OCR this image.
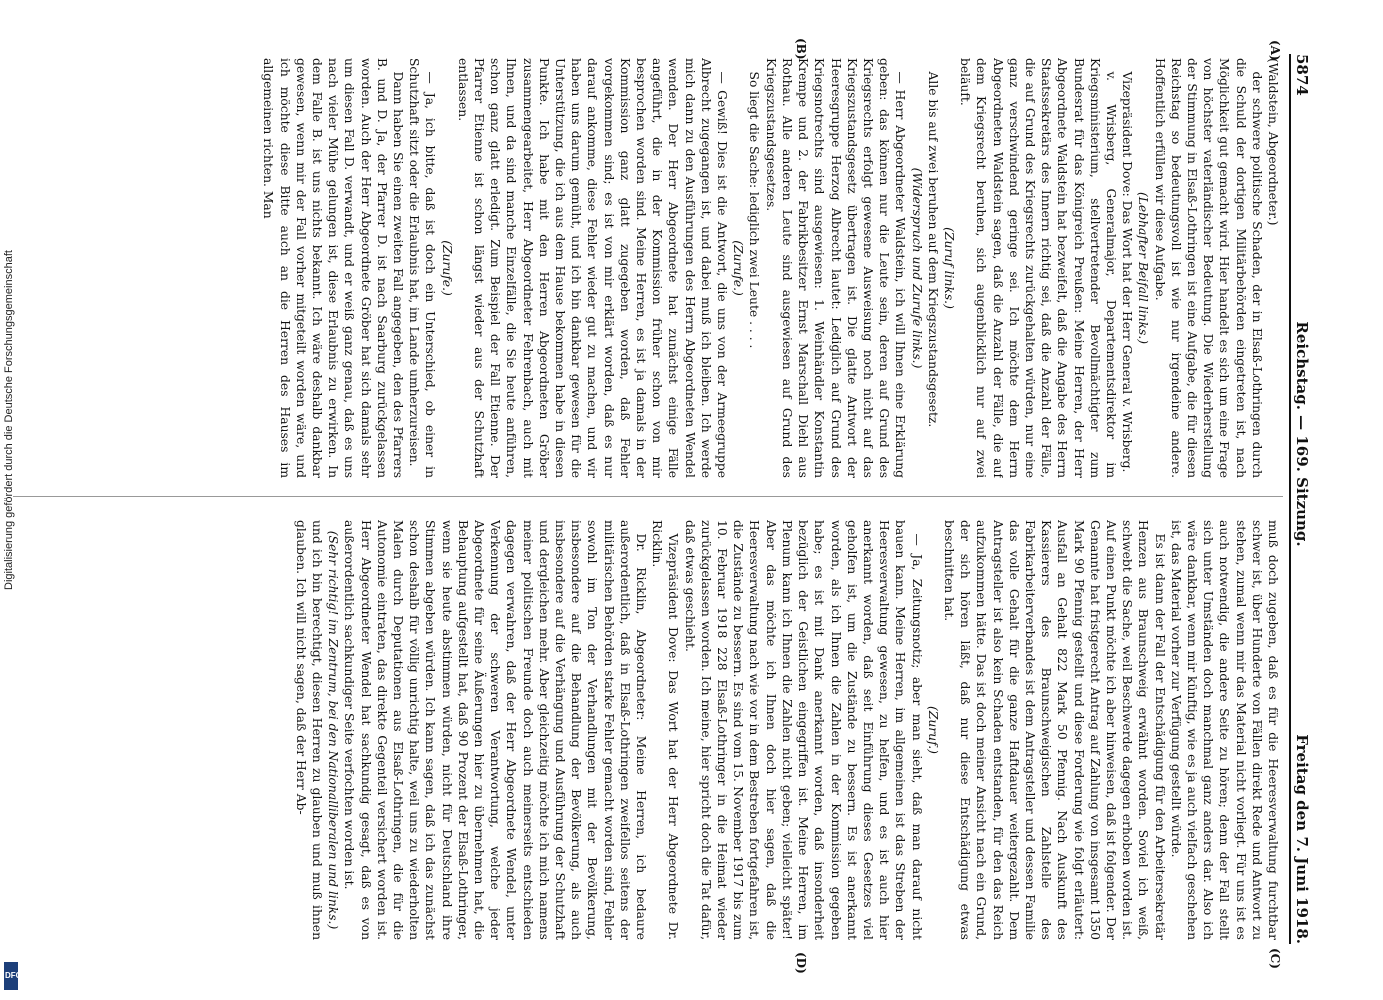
5874
Reichstag. — 169. Sitzung.
Freitag den 7. Juni 1918.
(A)
(B)
(C)
(D)

(Waldstein, Abgeordneter.)

der schwere politische Schaden, der in Elsaß-Lothringen durch die Schuld der dortigen Militärbehörden eingetreten ist, nach Möglichkeit gut gemacht wird. Hier handelt es sich um eine Frage von höchster vaterländischer Bedeutung. Die Wiederherstellung der Stimmung in Elsaß-Lothringen ist eine Aufgabe, die für diesen Reichstag so bedeutungsvoll ist wie nur irgendeine andere. Hoffentlich erfüllen wir diese Aufgabe.

(Lebhafter Beifall links.)

Vizepräsident Dove: Das Wort hat der Herr General v. Wrisberg.

v. Wrisberg, Generalmajor, Departementsdirektor im Kriegsministerium, stellvertretender Bevollmächtigter zum Bundesrat für das Königreich Preußen: Meine Herren, der Herr Abgeordnete Waldstein hat bezweifelt, daß die Angabe des Herrn Staatssekretärs des Innern richtig sei, daß die Anzahl der Fälle, die auf Grund des Kriegsrechts zurückgehalten würden, nur eine ganz verschwindend geringe sei. Ich möchte dem Herrn Abgeordneten Waldstein sagen, daß die Anzahl der Fälle, die auf dem Kriegsrecht beruhen, sich augenblicklich nur auf zwei beläuft.

(Zuruf links.)

Alle bis auf zwei beruhen auf dem Kriegszustandsgesetz.

(Widerspruch und Zurufe links.)

— Herr Abgeordneter Waldstein, ich will Ihnen eine Erklärung geben: das können nur die Leute sein, deren auf Grund des Kriegsrechts erfolgt gewesene Ausweisung noch nicht auf das Kriegszustandsgesetz übertragen ist. Die glatte Antwort der Heeresgruppe Herzog Albrecht lautet: Lediglich auf Grund des Kriegsnotrechts sind ausgewiesen: 1. Weinhändler Konstantin Krempe und 2. der Fabrikbesitzer Ernst Marschall Diehl aus Rothau. Alle anderen Leute sind ausgewiesen auf Grund des Kriegszustandsgesetzes.

So liegt die Sache: lediglich zwei Leute . . . .

(Zurufe.)

— Gewiß! Dies ist die Antwort, die uns von der Armeegruppe Albrecht zugegangen ist, und dabei muß ich bleiben. Ich werde mich dann zu den Ausführungen des Herrn Abgeordneten Wendel wenden. Der Herr Abgeordnete hat zunächst einige Fälle angeführt, die in der Kommission früher schon von mir besprochen worden sind. Meine Herren, es ist ja damals in der Kommission ganz glatt zugegeben worden, daß Fehler vorgekommen sind; es ist von mir erklärt worden, daß es nur darauf ankomme, diese Fehler wieder gut zu machen, und wir haben uns darum gemüht, und ich bin dankbar gewesen für die Unterstützung, die ich aus dem Hause bekommen habe in diesen Punkte. Ich habe mit den Herren Abgeordneten Gröber zusammengearbeitet, Herr Abgeordneter Fehrenbach, auch mit Ihnen, und da sind manche Einzelfälle, die Sie heute anführen, schon ganz glatt erledigt. Zum Beispiel der Fall Etienne. Der Pfarrer Etienne ist schon längst wieder aus der Schutzhaft entlassen.

(Zurufe.)

— Ja, ich bitte, daß ist doch ein Unterschied, ob einer in Schutzhaft sitzt oder die Erlaubnis hat, im Lande umherzureisen.

Dann haben Sie einen zweiten Fall angegeben, den des Pfarrers B. und D. Ja, der Pfarrer D. ist nach Saarburg zurückgelassen worden. Auch der Herr Abgeordnete Gröber hat sich damals sehr um diesen Fall D. verwandt, und er weiß ganz genau, daß es uns nach vieler Mühe gelungen ist, diese Erlaubnis zu erwirken. In dem Falle B. ist uns nichts bekannt. Ich wäre deshalb dankbar gewesen, wenn mir der Fall vorher mitgeteilt worden wäre, und ich möchte diese Bitte auch an die Herren des Hauses im allgemeinen richten. Man

muß doch zugeben, daß es für die Heeresverwaltung furchtbar schwer ist, über Hunderte von Fällen direkt Rede und Antwort zu stehen, zumal wenn mir das Material nicht vorliegt. Für uns ist es auch notwendig, die andere Seite zu hören; denn der Fall stellt sich unter Umständen doch manchmal ganz anders dar. Also ich wäre dankbar, wenn mir künftig, wie es ja auch vielfach geschehen ist, das Material vorher zur Verfügung gestellt würde.

Es ist dann der Fall der Entschädigung für den Arbeitersekretär Henzen aus Braunschweig erwähnt worden. Soviel ich weiß, schwebt die Sache, weil Beschwerde dagegen erhoben worden ist. Auf einen Punkt möchte ich aber hinweisen, daß ist folgender. Der Genannte hat fristgerecht Antrag auf Zahlung von insgesamt 1350 Mark 90 Pfennig gestellt und diese Forderung wie folgt erläutert: Ausfall an Gehalt 822 Mark 50 Pfennig. Nach Auskunft des Kassierers des Braunschweigischen Zahlstelle des Fabrikarbeiterverbandes ist dem Antragsteller und dessen Familie das volle Gehalt für die ganze Haftdauer weitergezahlt. Dem Antragsteller ist also kein Schaden entstanden, für den das Reich aufzukommen hätte. Das ist doch meiner Ansicht nach ein Grund, der sich hören läßt, daß nur diese Entschädigung etwas beschnitten hat.

(Zuruf.)

— Ja, Zeitungsnotiz; aber man sieht, daß man darauf nicht bauen kann. Meine Herren, im allgemeinen ist das Streben der Heeresverwaltung gewesen, zu helfen, und es ist auch hier anerkannt worden, daß seit Einführung dieses Gesetzes viel geholfen ist, um die Zustände zu bessern. Es ist anerkannt worden, als ich Ihnen die Zahlen in der Kommission gegeben habe; es ist mit Dank anerkannt worden, daß insonderheit bezüglich der Geistlichen eingegriffen ist. Meine Herren, im Plenum kann ich Ihnen die Zahlen nicht geben; vielleicht später! Aber das möchte ich Ihnen doch hier sagen, daß die Heeresverwaltung nach wie vor in dem Bestreben fortgefahren ist, die Zustände zu bessern. Es sind vom 15. November 1917 bis zum 10. Februar 1918 228 Elsaß-Lothringer in die Heimat wieder zurückgelassen worden. Ich meine, hier spricht doch die Tat dafür, daß etwas geschieht.

Vizepräsident Dove: Das Wort hat der Herr Abgeordnete Dr. Ricklin.

Dr. Ricklin, Abgeordneter: Meine Herren, ich bedaure außerordentlich, daß in Elsaß-Lothringen zweifellos seitens der militärischen Behörden starke Fehler gemacht worden sind, Fehler sowohl im Ton der Verhandlungen mit der Bevölkerung, insbesondere auf die Behandlung der Bevölkerung, als auch insbesondere auf die Verhängung und Ausführung der Schutzhaft und dergleichen mehr. Aber gleichzeitig möchte ich mich namens meiner politischen Freunde doch auch meinerseits entschieden dagegen verwahren, daß der Herr Abgeordnete Wendel, unter Verkennung der schweren Verantwortung, welche jeder Abgeordnete für seine Äußerungen hier zu übernehmen hat, die Behauptung aufgestellt hat, daß 90 Prozent der Elsaß-Lothringer, wenn sie heute abstimmen würden, nicht für Deutschland ihre Stimmen abgeben würden. Ich kann sagen, daß ich das zunächst schon deshalb für völlig unrichtig halte, weil uns zu wiederholten Malen durch Deputationen aus Elsaß-Lothringen, die für die Autonomie eintraten, das direkte Gegenteil versichert worden ist. Herr Abgeordneter Wendel hat sachkundig gesagt, daß es von außerordentlich sachkundiger Seite verfochten worden ist.

(Sehr richtig! im Zentrum, bei den Nationalliberalen und links.)

und ich bin berechtigt, diesen Herren zu glauben und muß ihnen glauben. Ich will nicht sagen, daß der Herr Ab-

Digitalisierung gefördert durch die Deutsche Forschungsgemeinschaft
DFG
